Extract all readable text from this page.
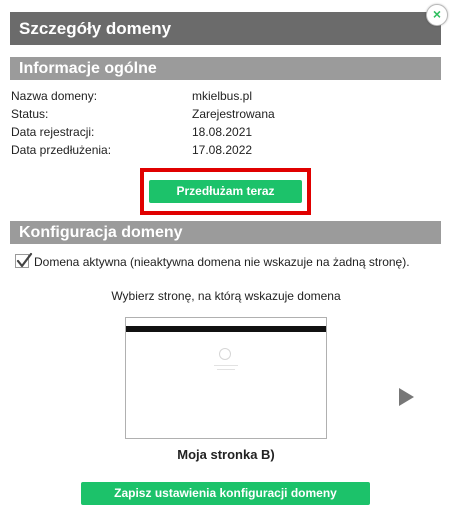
Szczegóły domeny
×
Informacje ogólne
Nazwa domeny:	mkielbus.pl
Status:	Zarejestrowana
Data rejestracji:	18.08.2021
Data przedłużenia:	17.08.2022
Przedłużam teraz
Konfiguracja domeny
Domena aktywna (nieaktywna domena nie wskazuje na żadną stronę).
Wybierz stronę, na którą wskazuje domena
Moja stronka B)
Zapisz ustawienia konfiguracji domeny
